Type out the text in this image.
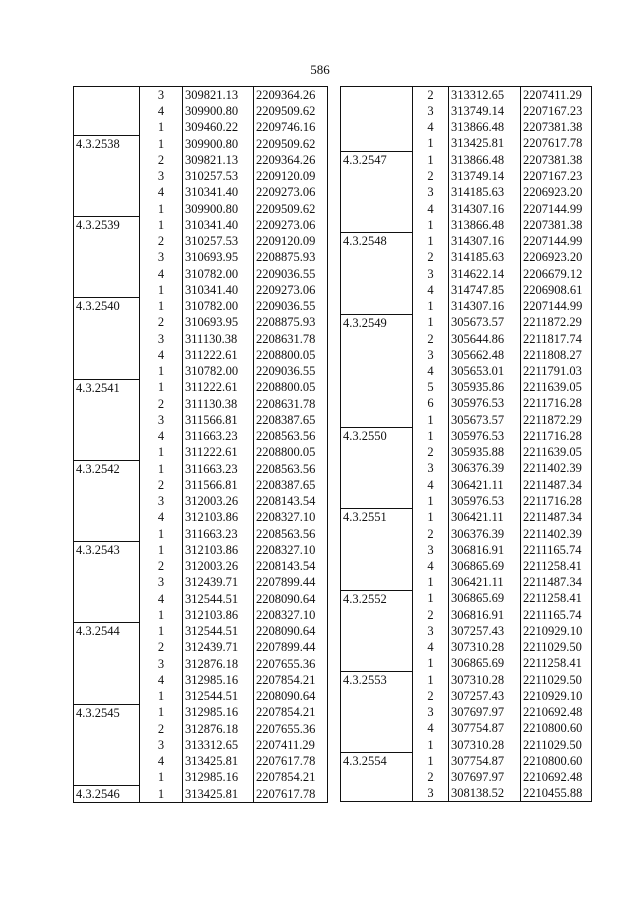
586
	3	309821.13	2209364.26
	4	309900.80	2209509.62
	1	309460.22	2209746.16
4.3.2538	1	309900.80	2209509.62
	2	309821.13	2209364.26
	3	310257.53	2209120.09
	4	310341.40	2209273.06
	1	309900.80	2209509.62
4.3.2539	1	310341.40	2209273.06
	2	310257.53	2209120.09
	3	310693.95	2208875.93
	4	310782.00	2209036.55
	1	310341.40	2209273.06
4.3.2540	1	310782.00	2209036.55
	2	310693.95	2208875.93
	3	311130.38	2208631.78
	4	311222.61	2208800.05
	1	310782.00	2209036.55
4.3.2541	1	311222.61	2208800.05
	2	311130.38	2208631.78
	3	311566.81	2208387.65
	4	311663.23	2208563.56
	1	311222.61	2208800.05
4.3.2542	1	311663.23	2208563.56
	2	311566.81	2208387.65
	3	312003.26	2208143.54
	4	312103.86	2208327.10
	1	311663.23	2208563.56
4.3.2543	1	312103.86	2208327.10
	2	312003.26	2208143.54
	3	312439.71	2207899.44
	4	312544.51	2208090.64
	1	312103.86	2208327.10
4.3.2544	1	312544.51	2208090.64
	2	312439.71	2207899.44
	3	312876.18	2207655.36
	4	312985.16	2207854.21
	1	312544.51	2208090.64
4.3.2545	1	312985.16	2207854.21
	2	312876.18	2207655.36
	3	313312.65	2207411.29
	4	313425.81	2207617.78
	1	312985.16	2207854.21
4.3.2546	1	313425.81	2207617.78
	2	313312.65	2207411.29
	3	313749.14	2207167.23
	4	313866.48	2207381.38
	1	313425.81	2207617.78
4.3.2547	1	313866.48	2207381.38
	2	313749.14	2207167.23
	3	314185.63	2206923.20
	4	314307.16	2207144.99
	1	313866.48	2207381.38
4.3.2548	1	314307.16	2207144.99
	2	314185.63	2206923.20
	3	314622.14	2206679.12
	4	314747.85	2206908.61
	1	314307.16	2207144.99
4.3.2549	1	305673.57	2211872.29
	2	305644.86	2211817.74
	3	305662.48	2211808.27
	4	305653.01	2211791.03
	5	305935.86	2211639.05
	6	305976.53	2211716.28
	1	305673.57	2211872.29
4.3.2550	1	305976.53	2211716.28
	2	305935.88	2211639.05
	3	306376.39	2211402.39
	4	306421.11	2211487.34
	1	305976.53	2211716.28
4.3.2551	1	306421.11	2211487.34
	2	306376.39	2211402.39
	3	306816.91	2211165.74
	4	306865.69	2211258.41
	1	306421.11	2211487.34
4.3.2552	1	306865.69	2211258.41
	2	306816.91	2211165.74
	3	307257.43	2210929.10
	4	307310.28	2211029.50
	1	306865.69	2211258.41
4.3.2553	1	307310.28	2211029.50
	2	307257.43	2210929.10
	3	307697.97	2210692.48
	4	307754.87	2210800.60
	1	307310.28	2211029.50
4.3.2554	1	307754.87	2210800.60
	2	307697.97	2210692.48
	3	308138.52	2210455.88
